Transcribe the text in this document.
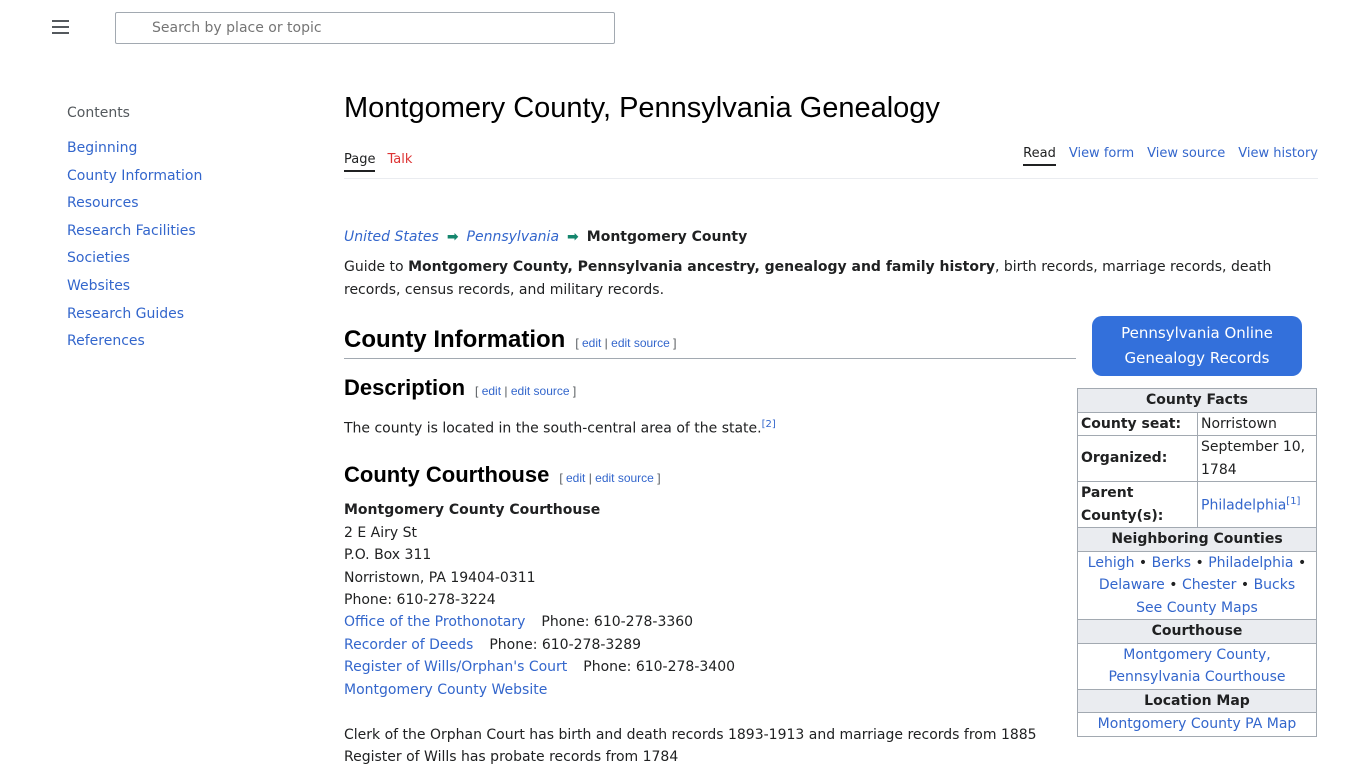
Search by place or topic
Contents
Beginning
County Information
Resources
Research Facilities
Societies
Websites
Research Guides
References
Montgomery County, Pennsylvania Genealogy
Page Talk	Read View form View source View history
United States ➡ Pennsylvania ➡ Montgomery County

Guide to Montgomery County, Pennsylvania ancestry, genealogy and family history, birth records, marriage records, death records, census records, and military records.

County Information [ edit | edit source ]
Description [ edit | edit source ]

The county is located in the south-central area of the state.[2]

County Courthouse [ edit | edit source ]
Montgomery County Courthouse
2 E Airy St
P.O. Box 311
Norristown, PA 19404-0311
Phone: 610-278-3224
Office of the Prothonotary Phone: 610-278-3360
Recorder of Deeds Phone: 610-278-3289
Register of Wills/Orphan's Court Phone: 610-278-3400
Montgomery County Website

Clerk of the Orphan Court has birth and death records 1893-1913 and marriage records from 1885
Register of Wills has probate records from 1784

Pennsylvania Online Genealogy Records
County Facts	
County seat:	Norristown
Organized:	September 10, 1784
Parent County(s):	Philadelphia[1]
Neighboring Counties	
Lehigh • Berks • Philadelphia •
Delaware • Chester • Bucks
See County Maps	
Courthouse	
Montgomery County, Pennsylvania Courthouse	
Location Map	
Montgomery County PA Map	
